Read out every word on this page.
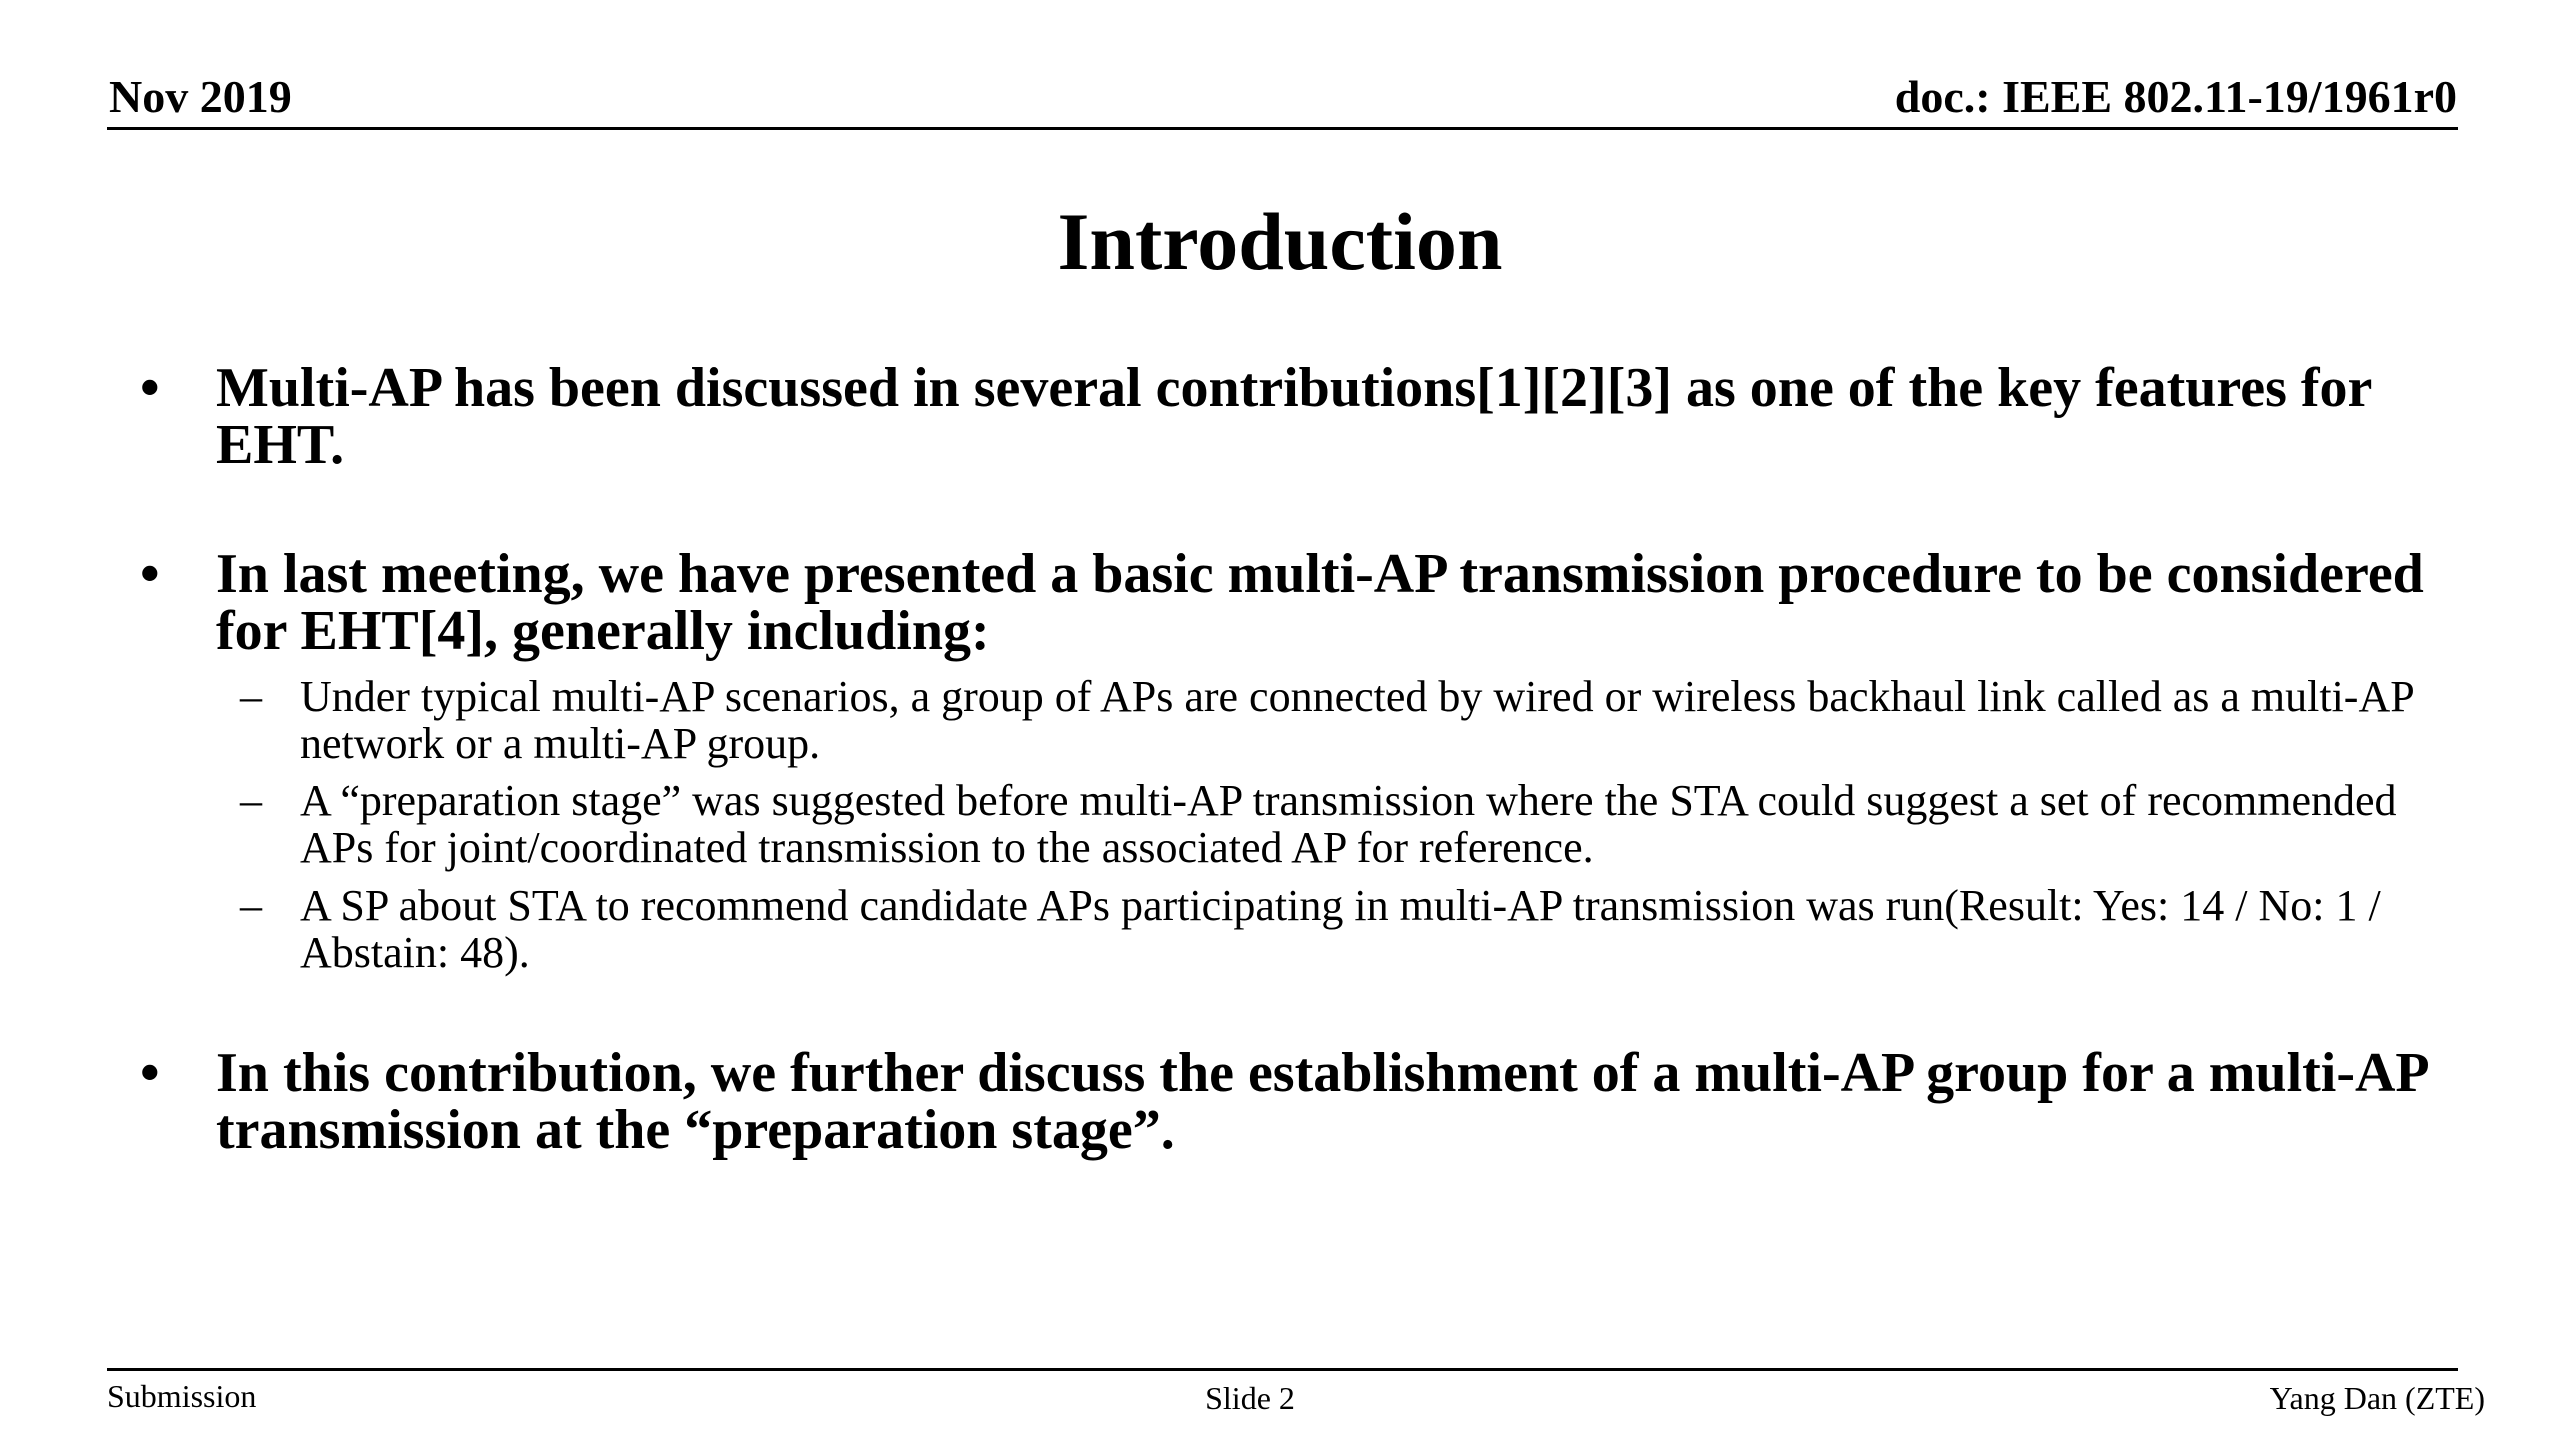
Nov 2019	doc.: IEEE 802.11-19/1961r0
Introduction
•	Multi-AP has been discussed in several contributions[1][2][3] as one of the key features for EHT.
•	In last meeting, we have presented a basic multi-AP transmission procedure to be considered for EHT[4], generally including:
– Under typical multi-AP scenarios, a group of APs are connected by wired or wireless backhaul link called as a multi-AP network or a multi-AP group.
– A “preparation stage” was suggested before multi-AP transmission where the STA could suggest a set of recommended APs for joint/coordinated transmission to the associated AP for reference.
– A SP about STA to recommend candidate APs participating in multi-AP transmission was run(Result: Yes: 14 / No: 1 / Abstain: 48).
•	In this contribution, we further discuss the establishment of a multi-AP group for a multi-AP transmission at the “preparation stage”.
Submission	Slide 2	Yang Dan (ZTE)
